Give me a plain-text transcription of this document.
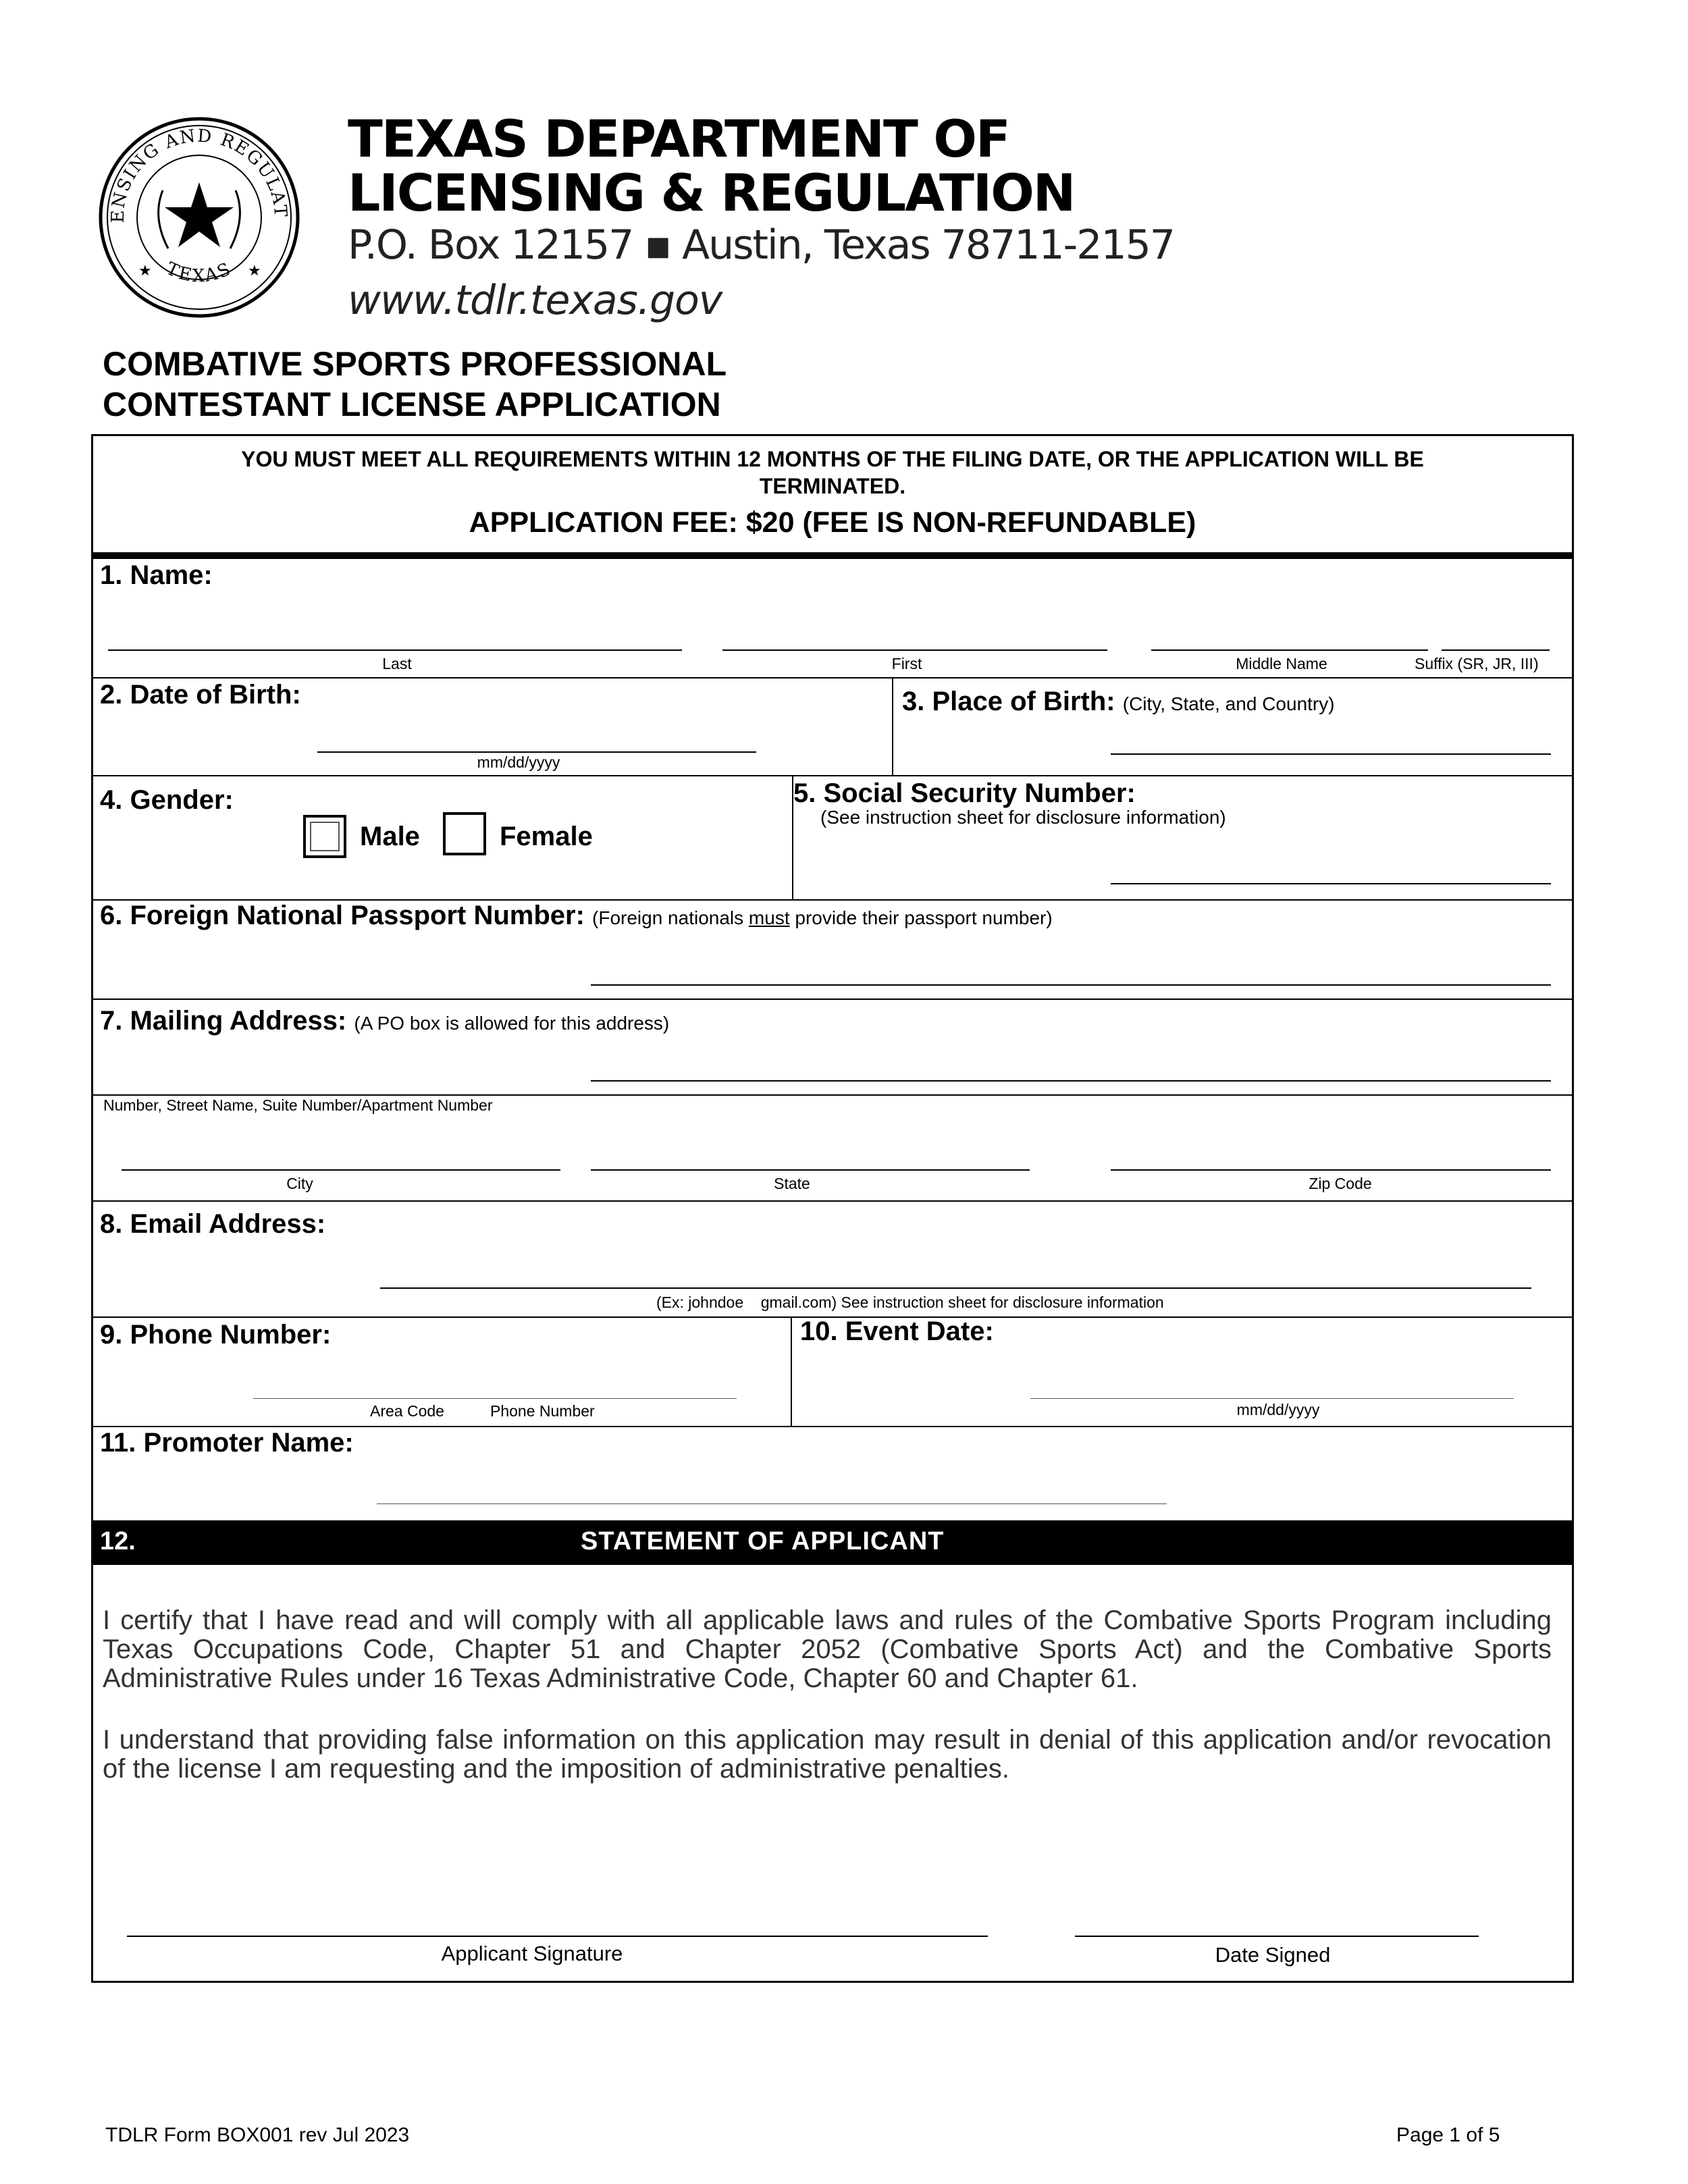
ENSING AND REGULAT
TEXAS
★	★
TEXAS DEPARTMENT OF
LICENSING & REGULATION
P.O. Box 12157 ▪ Austin, Texas 78711-2157
www.tdlr.texas.gov
COMBATIVE SPORTS PROFESSIONAL
CONTESTANT LICENSE APPLICATION
YOU MUST MEET ALL REQUIREMENTS WITHIN 12 MONTHS OF THE FILING DATE, OR THE APPLICATION WILL BE
TERMINATED.
APPLICATION FEE: $20 (FEE IS NON-REFUNDABLE)
1. Name:
Last	First	Middle Name	Suffix (SR, JR, III)
2. Date of Birth:
mm/dd/yyyy
3. Place of Birth: (City, State, and Country)
4. Gender:
Male	Female
5. Social Security Number:
(See instruction sheet for disclosure information)
6. Foreign National Passport Number: (Foreign nationals must provide their passport number)
7. Mailing Address: (A PO box is allowed for this address)
Number, Street Name, Suite Number/Apartment Number
City	State	Zip Code
8. Email Address:
(Ex: johndoe    gmail.com) See instruction sheet for disclosure information
9. Phone Number:
Area Code	Phone Number
10. Event Date:
mm/dd/yyyy
11. Promoter Name:
12.	STATEMENT OF APPLICANT
I certify that I have read and will comply with all applicable laws and rules of the Combative Sports Program including Texas Occupations Code, Chapter 51 and Chapter 2052 (Combative Sports Act) and the Combative Sports Administrative Rules under 16 Texas Administrative Code, Chapter 60 and Chapter 61.
I understand that providing false information on this application may result in denial of this application and/or revocation of the license I am requesting and the imposition of administrative penalties.
Applicant Signature	Date Signed
TDLR Form BOX001 rev Jul 2023	Page 1 of 5
